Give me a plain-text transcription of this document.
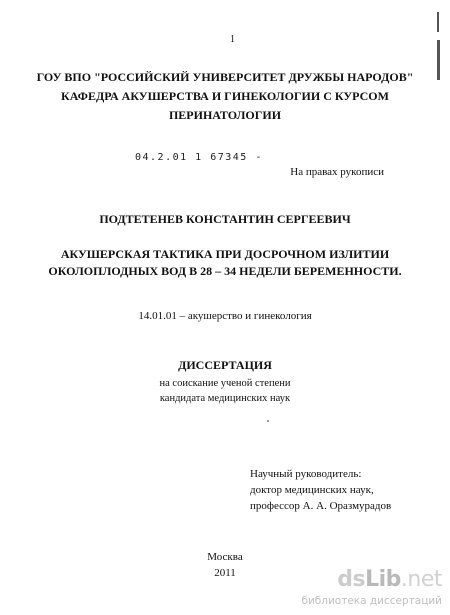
1
ГОУ ВПО "РОССИЙСКИЙ УНИВЕРСИТЕТ ДРУЖБЫ НАРОДОВ"
КАФЕДРА АКУШЕРСТВА И ГИНЕКОЛОГИИ С КУРСОМ
ПЕРИНАТОЛОГИИ
04.2.01 1 67345 -
На правах рукописи
ПОДТЕТЕНЕВ КОНСТАНТИН СЕРГЕЕВИЧ
АКУШЕРСКАЯ ТАКТИКА ПРИ ДОСРОЧНОМ ИЗЛИТИИ
ОКОЛОПЛОДНЫХ ВОД В 28 – 34 НЕДЕЛИ БЕРЕМЕННОСТИ.
14.01.01 – акушерство и гинекология
ДИССЕРТАЦИЯ
на соискание ученой степени
кандидата медицинских наук
Научный руководитель:
доктор медицинских наук,
профессор А. А. Оразмурадов
Москва
2011	dsLib.net
библиотека диссертаций
